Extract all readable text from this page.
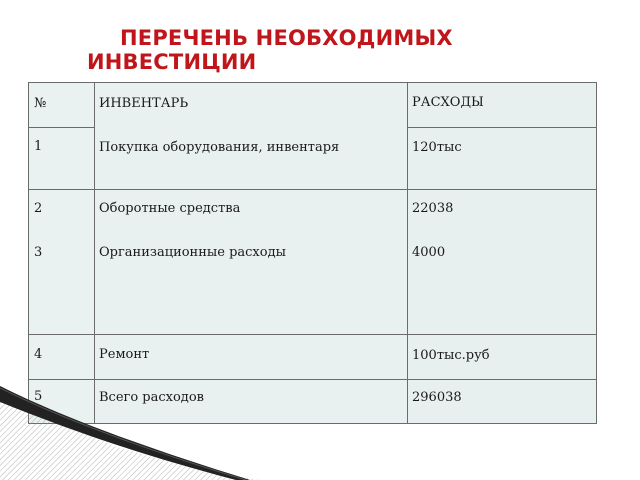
ПЕРЕЧЕНЬ НЕОБХОДИМЫХ
ИНВЕСТИЦИИ
№	ИНВЕНТАРЬ	РАСХОДЫ
1	Покупка оборудования, инвентаря	120тыс
2	Оборотные средства	22038
3	Организационные расходы	4000
4	Ремонт	100тыс.руб
5	Всего расходов	296038
